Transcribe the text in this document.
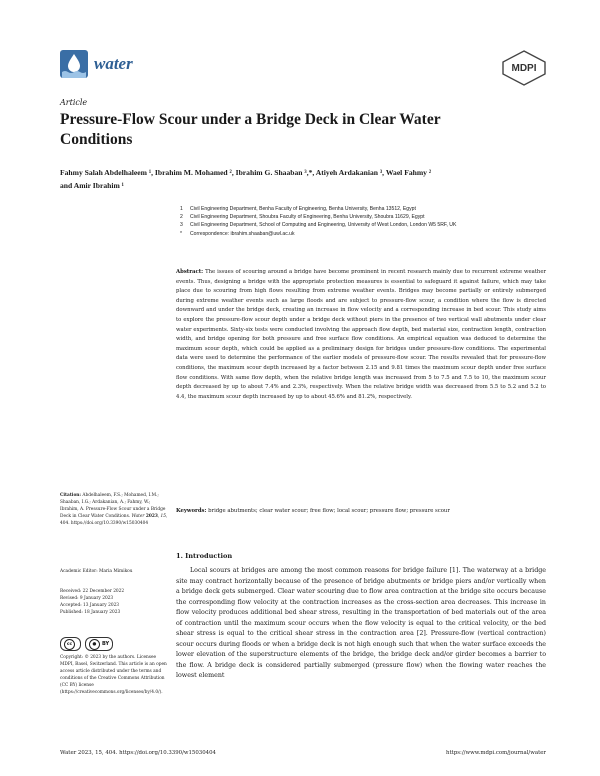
water	MDPI
Article
Pressure-Flow Scour under a Bridge Deck in Clear Water Conditions
Fahmy Salah Abdelhaleem ¹, Ibrahim M. Mohamed ², Ibrahim G. Shaaban ³,*, Atiyeh Ardakanian ³, Wael Fahmy ²
and Amir Ibrahim ¹
1	Civil Engineering Department, Benha Faculty of Engineering, Benha University, Benha 13512, Egypt
2	Civil Engineering Department, Shoubra Faculty of Engineering, Benha University, Shoubra 11629, Egypt
3	Civil Engineering Department, School of Computing and Engineering, University of West London, London W5 5RF, UK
*	Correspondence: ibrahim.shaaban@uwl.ac.uk
Abstract: The issues of scouring around a bridge have become prominent in recent research mainly due to recurrent extreme weather events. Thus, designing a bridge with the appropriate protection measures is essential to safeguard it against failure, which may take place due to scouring from high flows resulting from extreme weather events. Bridges may become partially or entirely submerged during extreme weather events such as large floods and are subject to pressure-flow scour, a condition where the flow is directed downward and under the bridge deck, creating an increase in flow velocity and a corresponding increase in bed scour. This study aims to explore the pressure-flow scour depth under a bridge deck without piers in the presence of two vertical wall abutments under clear water experiments. Sixty-six tests were conducted involving the approach flow depth, bed material size, contraction length, contraction width, and bridge opening for both pressure and free surface flow conditions. An empirical equation was deduced to determine the maximum scour depth, which could be applied as a preliminary design for bridges under pressure-flow conditions. The experimental data were used to determine the performance of the earlier models of pressure-flow scour. The results revealed that for pressure-flow conditions, the maximum scour depth increased by a factor between 2.15 and 9.81 times the maximum scour depth under free surface flow conditions. With same flow depth, when the relative bridge length was increased from 5 to 7.5 and 7.5 to 10, the maximum scour depth decreased by up to about 7.4% and 2.3%, respectively. When the relative bridge width was decreased from 5.5 to 5.2 and 5.2 to 4.4, the maximum scour depth increased by up to about 45.6% and 81.2%, respectively.
Keywords: bridge abutments; clear water scour; free flow; local scour; pressure flow; pressure scour
Citation: Abdelhaleem, F.S.; Mohamed, I.M.; Shaaban, I.G.; Ardakanian, A.; Fahmy, W.; Ibrahim, A. Pressure-Flow Scour under a Bridge Deck in Clear Water Conditions. Water 2023, 15, 404. https://doi.org/10.3390/w15030404
Academic Editor: Maria Mimikou
Received: 22 December 2022
Revised: 9 January 2023
Accepted: 13 January 2023
Published: 18 January 2023
cc	●	BY
Copyright: © 2023 by the authors. Licensee MDPI, Basel, Switzerland. This article is an open access article distributed under the terms and conditions of the Creative Commons Attribution (CC BY) license (https://creativecommons.org/licenses/by/4.0/).
1. Introduction

Local scours at bridges are among the most common reasons for bridge failure [1]. The waterway at a bridge site may contract horizontally because of the presence of bridge abutments or bridge piers and/or vertically when a bridge deck gets submerged. Clear water scouring due to flow area contraction at the bridge site occurs because the corresponding flow velocity at the contraction increases as the cross-section area decreases. This increase in flow velocity produces additional bed shear stress, resulting in the transportation of bed materials out of the area of contraction until the maximum scour occurs when the flow velocity is equal to the critical velocity, or the bed shear stress is equal to the critical shear stress in the contraction area [2]. Pressure-flow (vertical contraction) scour occurs during floods or when a bridge deck is not high enough such that when the water surface exceeds the lower elevation of the superstructure elements of the bridge, the bridge deck and/or girder becomes a barrier to the flow. A bridge deck is considered partially submerged (pressure flow) when the flowing water reaches the lowest element

Water 2023, 15, 404. https://doi.org/10.3390/w15030404	https://www.mdpi.com/journal/water
